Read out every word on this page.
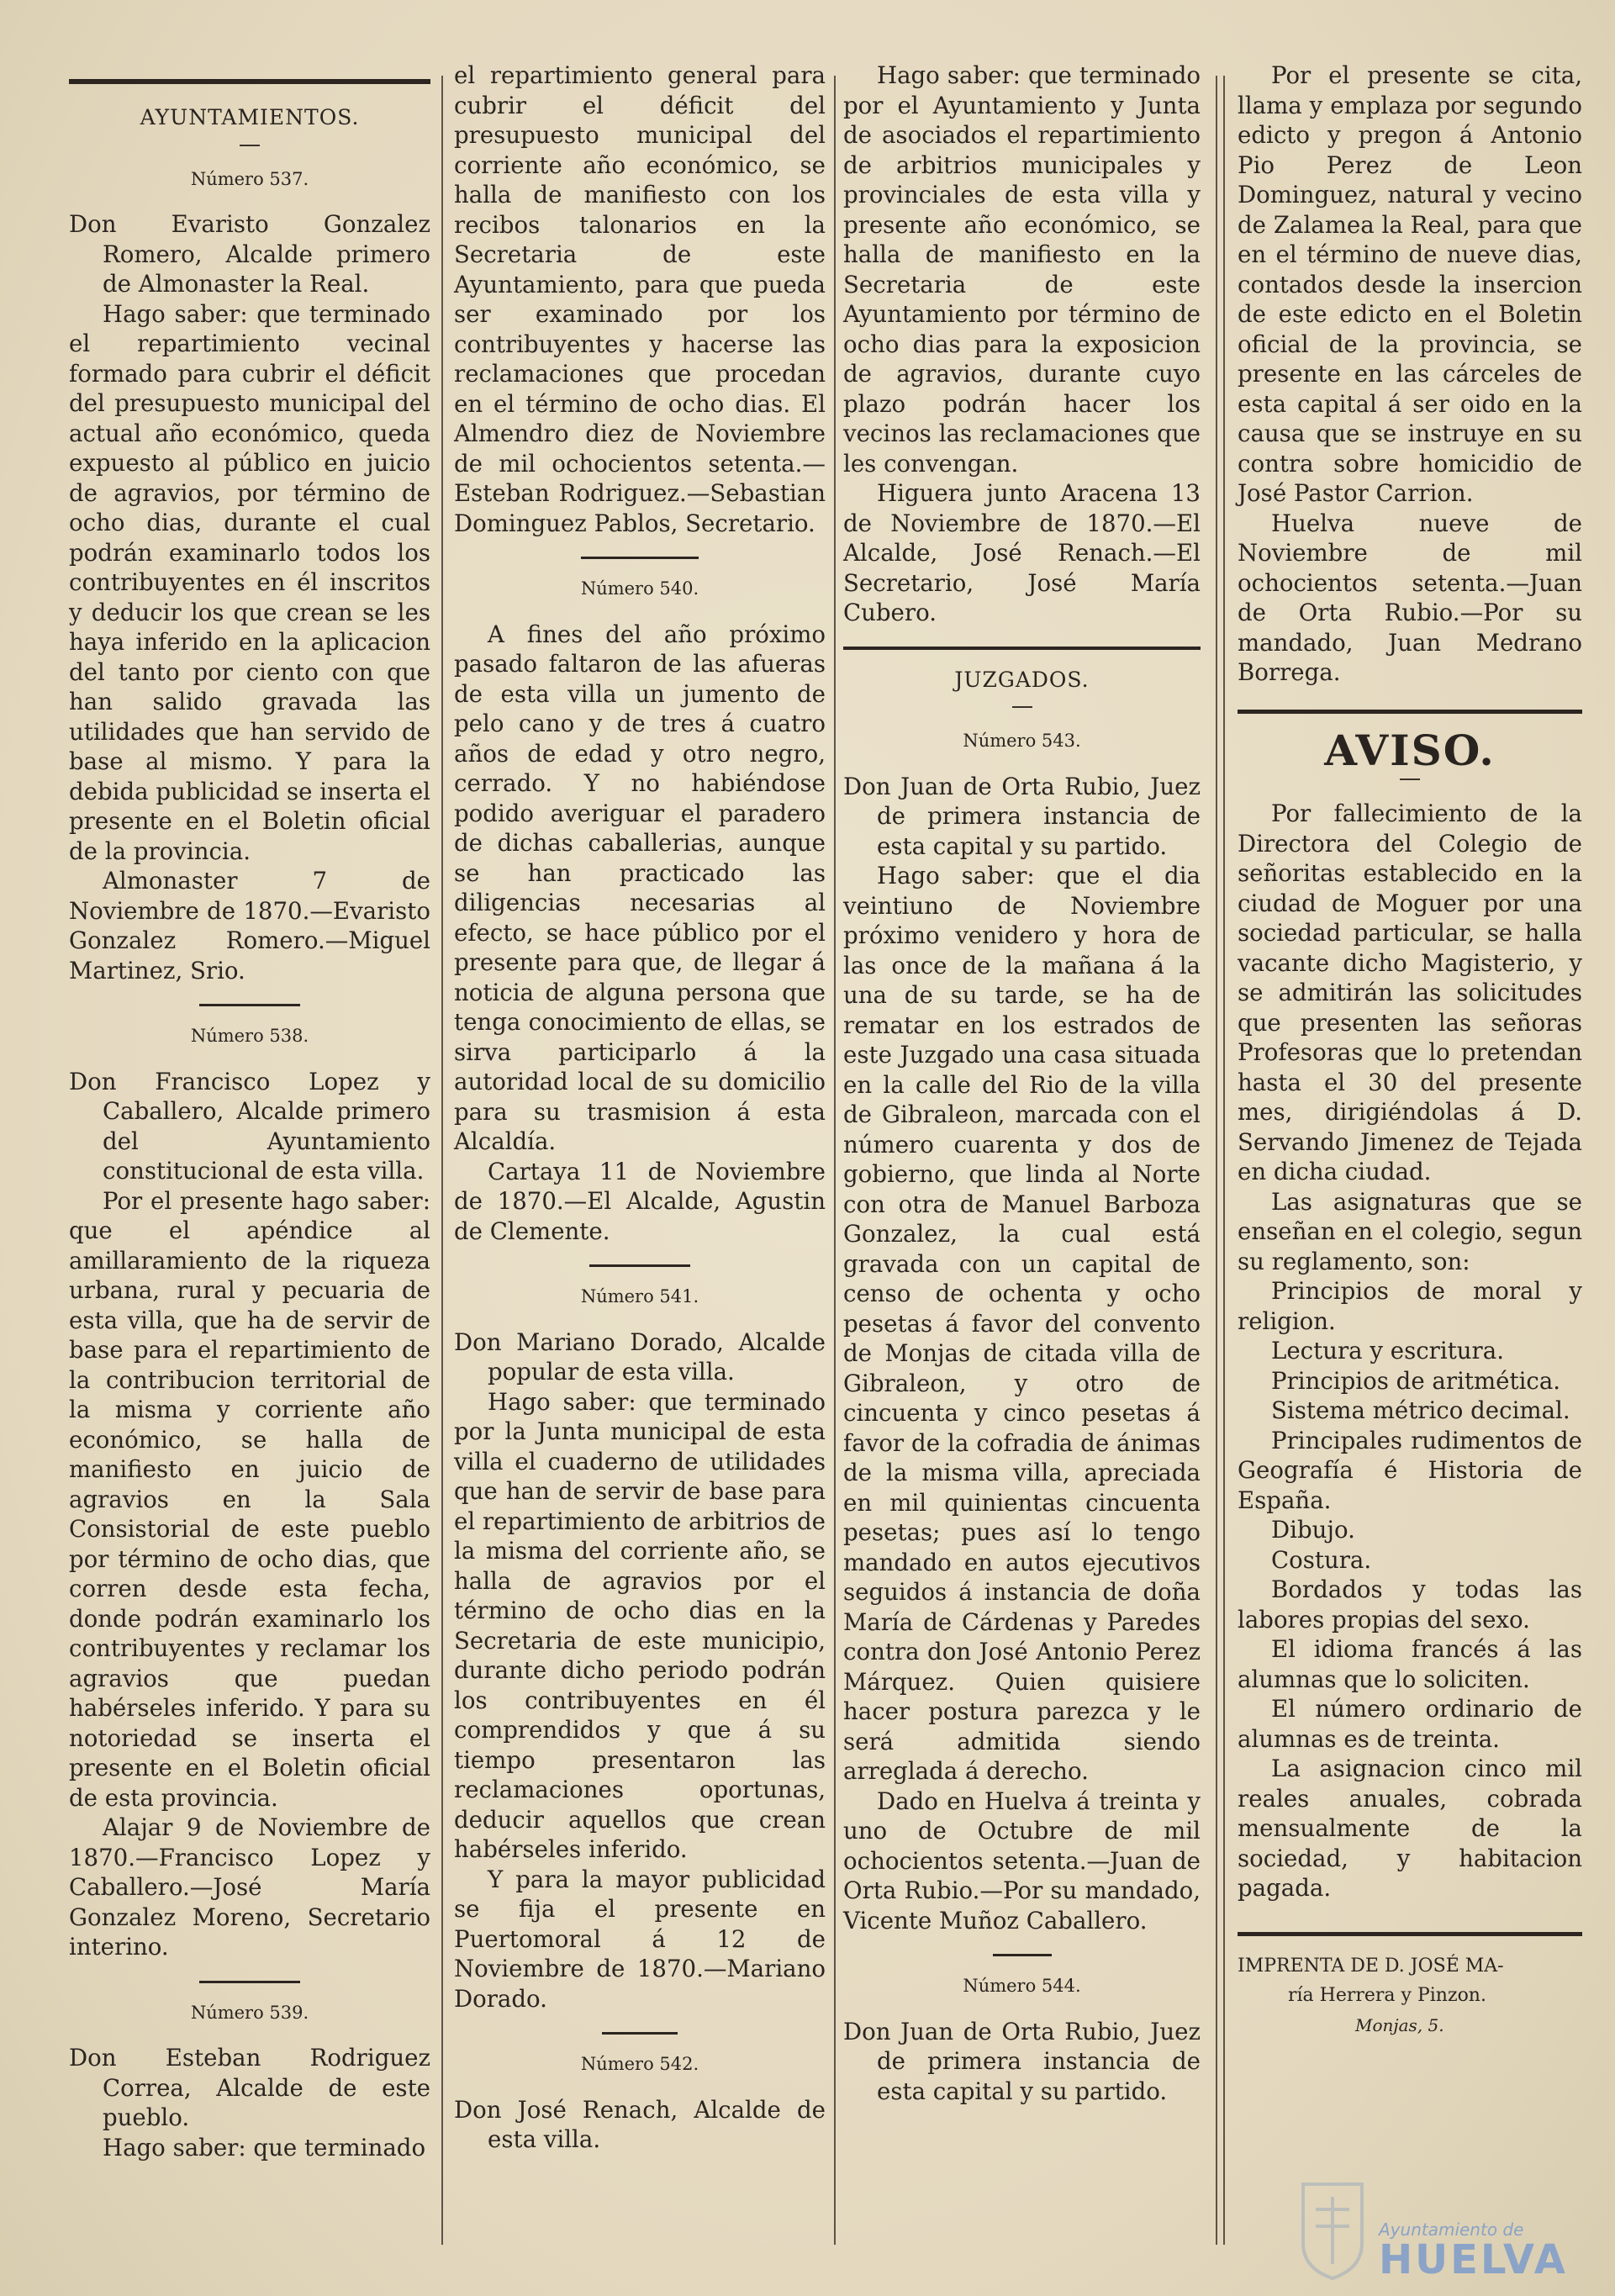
AYUNTAMIENTOS.
Número 537.

Don Evaristo Gonzalez Romero, Alcalde primero de Almonaster la Real.

Hago saber: que terminado el repartimiento vecinal formado para cubrir el déficit del presupuesto municipal del actual año económico, queda expuesto al público en juicio de agravios, por término de ocho dias, durante el cual podrán examinarlo todos los contribuyentes en él inscritos y deducir los que crean se les haya inferido en la aplicacion del tanto por ciento con que han salido gravada las utilidades que han servido de base al mismo. Y para la debida publicidad se inserta el presente en el Boletin oficial de la provincia.

Almonaster 7 de Noviembre de 1870.—Evaristo Gonzalez Romero.—Miguel Martinez, Srio.

Número 538.

Don Francisco Lopez y Caballero, Alcalde primero del Ayuntamiento constitucional de esta villa.

Por el presente hago saber: que el apéndice al amillaramiento de la riqueza urbana, rural y pecuaria de esta villa, que ha de servir de base para el repartimiento de la contribucion territorial de la misma y corriente año económico, se halla de manifiesto en juicio de agravios en la Sala Consistorial de este pueblo por término de ocho dias, que corren desde esta fecha, donde podrán examinarlo los contribuyentes y reclamar los agravios que puedan habérseles inferido. Y para su notoriedad se inserta el presente en el Boletin oficial de esta provincia.

Alajar 9 de Noviembre de 1870.—Francisco Lopez y Caballero.—José María Gonzalez Moreno, Secretario interino.

Número 539.

Don Esteban Rodriguez Correa, Alcalde de este pueblo.

Hago saber: que terminado

el repartimiento general para cubrir el déficit del presupuesto municipal del corriente año económico, se halla de manifiesto con los recibos talonarios en la Secretaria de este Ayuntamiento, para que pueda ser examinado por los contribuyentes y hacerse las reclamaciones que procedan en el término de ocho dias. El Almendro diez de Noviembre de mil ochocientos setenta.—Esteban Rodriguez.—Sebastian Dominguez Pablos, Secretario.

Número 540.

A fines del año próximo pasado faltaron de las afueras de esta villa un jumento de pelo cano y de tres á cuatro años de edad y otro negro, cerrado. Y no habiéndose podido averiguar el paradero de dichas caballerias, aunque se han practicado las diligencias necesarias al efecto, se hace público por el presente para que, de llegar á noticia de alguna persona que tenga conocimiento de ellas, se sirva participarlo á la autoridad local de su domicilio para su trasmision á esta Alcaldía.

Cartaya 11 de Noviembre de 1870.—El Alcalde, Agustin de Clemente.

Número 541.

Don Mariano Dorado, Alcalde popular de esta villa.

Hago saber: que terminado por la Junta municipal de esta villa el cuaderno de utilidades que han de servir de base para el repartimiento de arbitrios de la misma del corriente año, se halla de agravios por el término de ocho dias en la Secretaria de este municipio, durante dicho periodo podrán los contribuyentes en él comprendidos y que á su tiempo presentaron las reclamaciones oportunas, deducir aquellos que crean habérseles inferido.

Y para la mayor publicidad se fija el presente en Puertomoral á 12 de Noviembre de 1870.—Mariano Dorado.

Número 542.

Don José Renach, Alcalde de esta villa.

Hago saber: que terminado por el Ayuntamiento y Junta de asociados el repartimiento de arbitrios municipales y provinciales de esta villa y presente año económico, se halla de manifiesto en la Secretaria de este Ayuntamiento por término de ocho dias para la exposicion de agravios, durante cuyo plazo podrán hacer los vecinos las reclamaciones que les convengan.

Higuera junto Aracena 13 de Noviembre de 1870.—El Alcalde, José Renach.—El Secretario, José María Cubero.

JUZGADOS.
Número 543.

Don Juan de Orta Rubio, Juez de primera instancia de esta capital y su partido.

Hago saber: que el dia veintiuno de Noviembre próximo venidero y hora de las once de la mañana á la una de su tarde, se ha de rematar en los estrados de este Juzgado una casa situada en la calle del Rio de la villa de Gibraleon, marcada con el número cuarenta y dos de gobierno, que linda al Norte con otra de Manuel Barboza Gonzalez, la cual está gravada con un capital de censo de ochenta y ocho pesetas á favor del convento de Monjas de citada villa de Gibraleon, y otro de cincuenta y cinco pesetas á favor de la cofradia de ánimas de la misma villa, apreciada en mil quinientas cincuenta pesetas; pues así lo tengo mandado en autos ejecutivos seguidos á instancia de doña María de Cárdenas y Paredes contra don José Antonio Perez Márquez. Quien quisiere hacer postura parezca y le será admitida siendo arreglada á derecho.

Dado en Huelva á treinta y uno de Octubre de mil ochocientos setenta.—Juan de Orta Rubio.—Por su mandado, Vicente Muñoz Caballero.

Número 544.

Don Juan de Orta Rubio, Juez de primera instancia de esta capital y su partido.

Por el presente se cita, llama y emplaza por segundo edicto y pregon á Antonio Pio Perez de Leon Dominguez, natural y vecino de Zalamea la Real, para que en el término de nueve dias, contados desde la insercion de este edicto en el Boletin oficial de la provincia, se presente en las cárceles de esta capital á ser oido en la causa que se instruye en su contra sobre homicidio de José Pastor Carrion.

Huelva nueve de Noviembre de mil ochocientos setenta.—Juan de Orta Rubio.—Por su mandado, Juan Medrano Borrega.

AVISO.

Por fallecimiento de la Directora del Colegio de señoritas establecido en la ciudad de Moguer por una sociedad particular, se halla vacante dicho Magisterio, y se admitirán las solicitudes que presenten las señoras Profesoras que lo pretendan hasta el 30 del presente mes, dirigiéndolas á D. Servando Jimenez de Tejada en dicha ciudad.

Las asignaturas que se enseñan en el colegio, segun su reglamento, son:

Principios de moral y religion.

Lectura y escritura.

Principios de aritmética.

Sistema métrico decimal.

Principales rudimentos de Geografía é Historia de España.

Dibujo.

Costura.

Bordados y todas las labores propias del sexo.

El idioma francés á las alumnas que lo soliciten.

El número ordinario de alumnas es de treinta.

La asignacion cinco mil reales anuales, cobrada mensualmente de la sociedad, y habitacion pagada.

IMPRENTA DE D. JOSÉ MA-
ría Herrera y Pinzon.
Monjas, 5.
Ayuntamiento de
HUELVA
